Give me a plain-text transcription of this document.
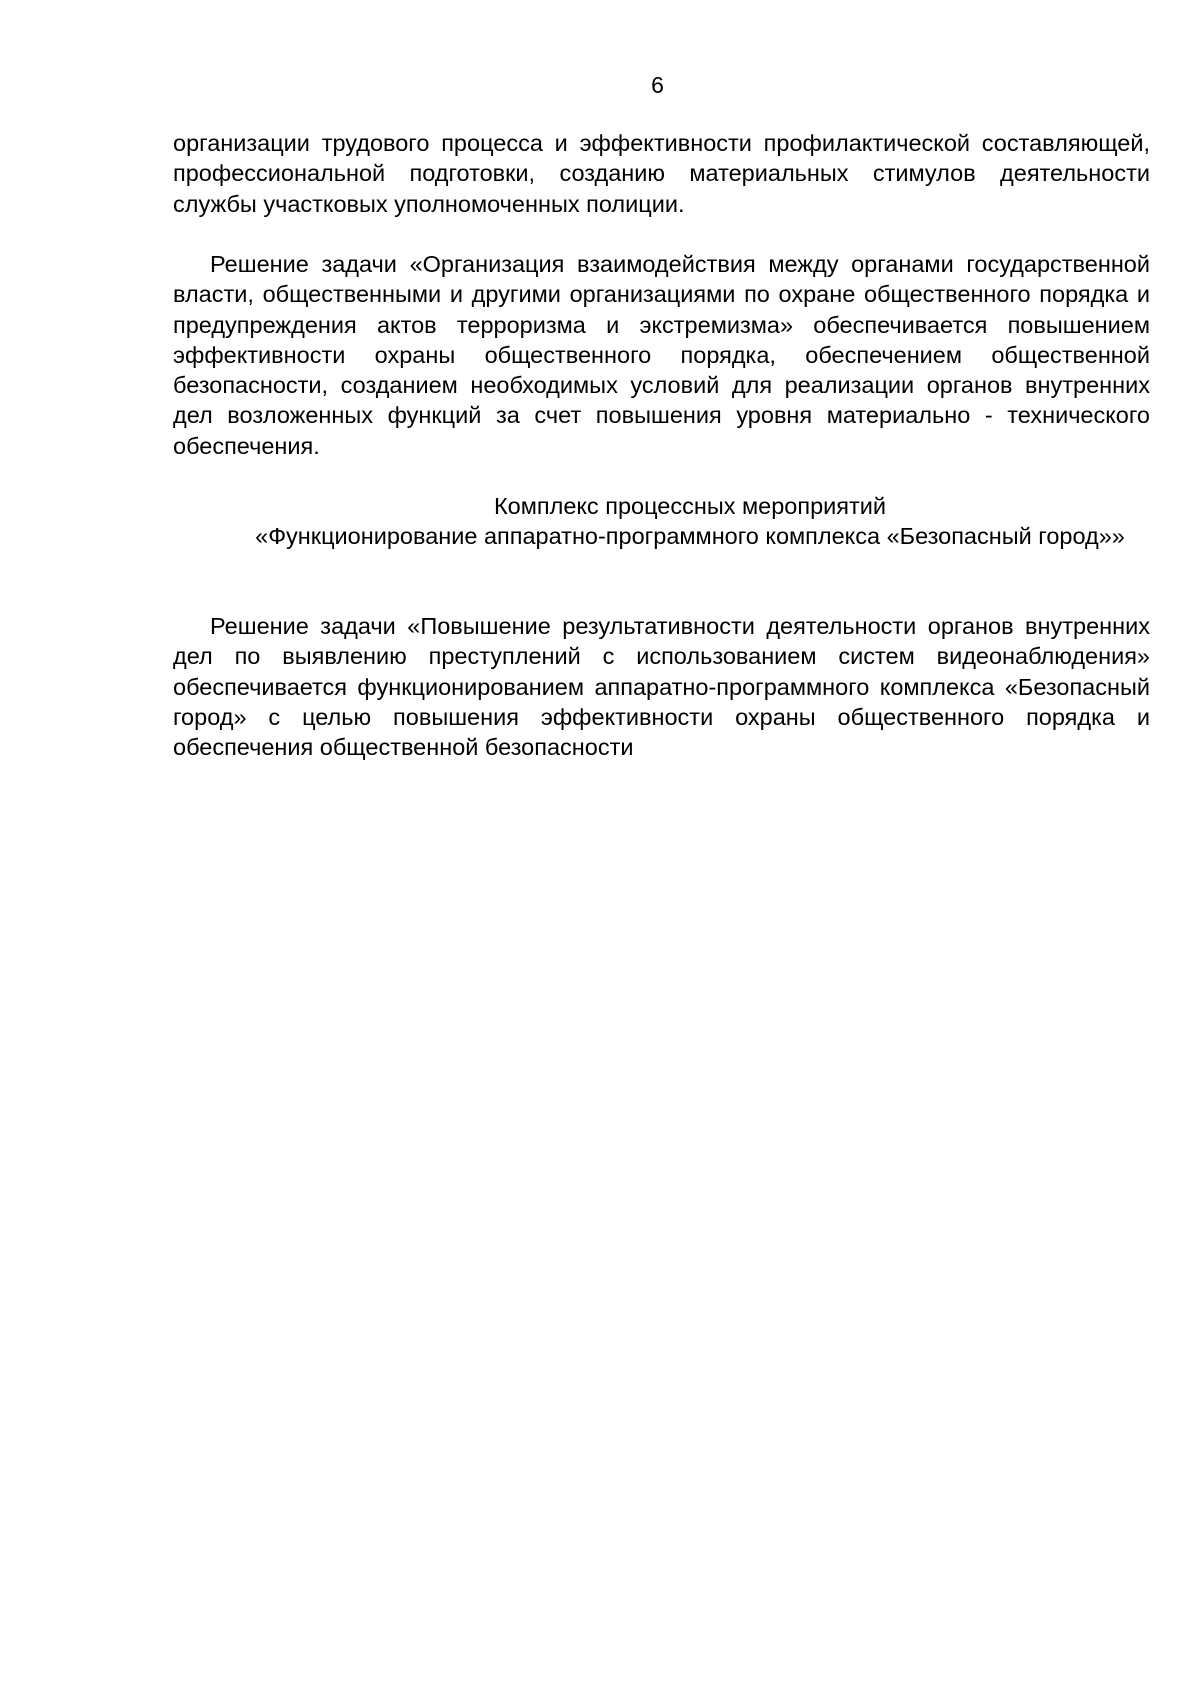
6

организации трудового процесса и эффективности профилактической составляющей, профессиональной подготовки, созданию материальных стимулов деятельности службы участковых уполномоченных полиции.

Решение задачи «Организация взаимодействия между органами государственной власти, общественными и другими организациями по охране общественного порядка и предупреждения актов терроризма и экстремизма» обеспечивается повышением эффективности охраны общественного порядка, обеспечением общественной безопасности, созданием необходимых условий для реализации органов внутренних дел возложенных функций за счет повышения уровня материально - технического обеспечения.

Комплекс процессных мероприятий
«Функционирование аппаратно-программного комплекса «Безопасный город»»

Решение задачи «Повышение результативности деятельности органов внутренних дел по выявлению преступлений с использованием систем видеонаблюдения» обеспечивается функционированием аппаратно-программного комплекса «Безопасный город» с целью повышения эффективности охраны общественного порядка и обеспечения общественной безопасности
